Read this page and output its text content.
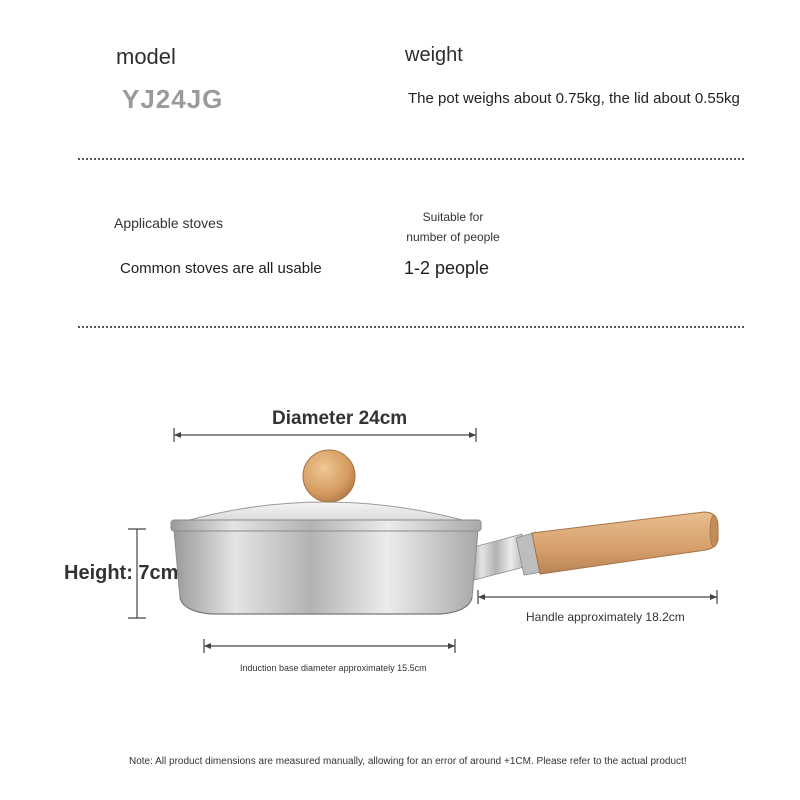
model
YJ24JG
weight
The pot weighs about 0.75kg, the lid about 0.55kg
Applicable stoves
Common stoves are all usable
Suitable for number of people
1-2 people
Diameter 24cm
Height: 7cm
Handle approximately 18.2cm
Induction base diameter approximately 15.5cm
Note: All product dimensions are measured manually, allowing for an error of around +1CM. Please refer to the actual product!
